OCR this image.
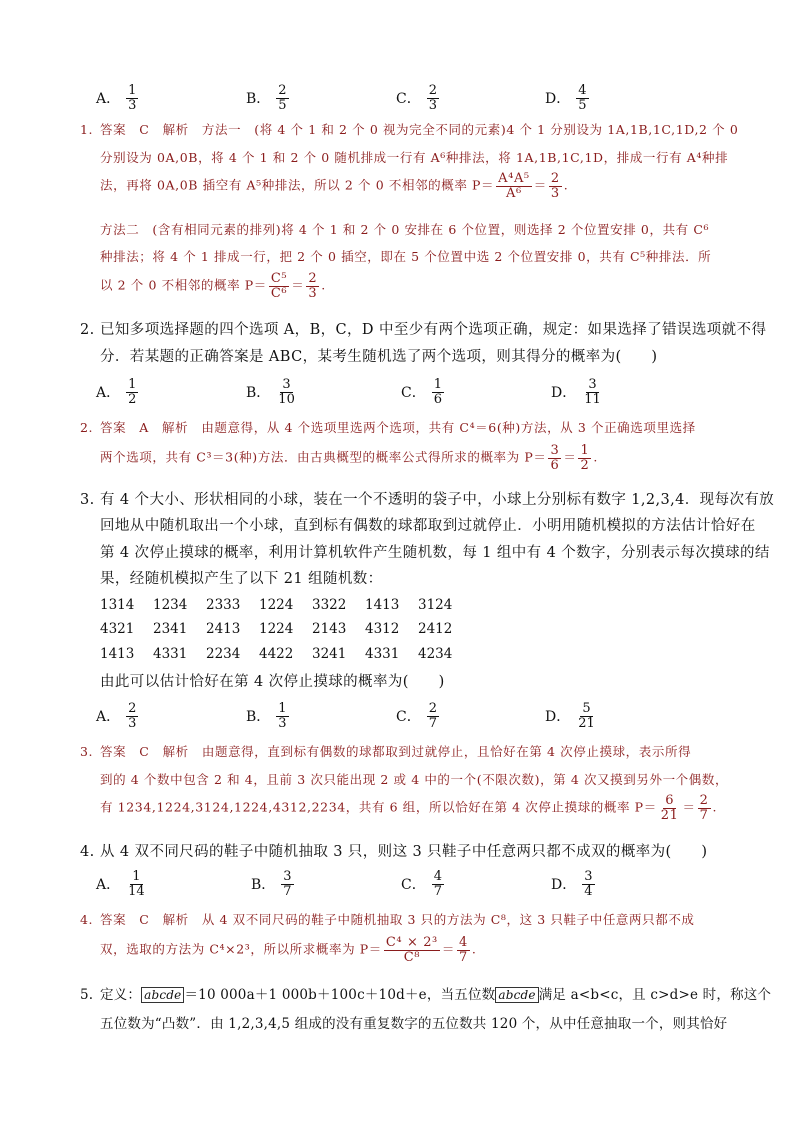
A． $\frac{1}{3}$	B． $\frac{2}{5}$	C． $\frac{2}{3}$	D． $\frac{4}{5}$
1. 答案　C　解析　方法一　(将 4 个 1 和 2 个 0 视为完全不同的元素)4 个 1 分别设为 1A,1B,1C,1D,2 个 0
分别设为 0A,0B，将 4 个 1 和 2 个 0 随机排成一行有 A⁶种排法，将 1A,1B,1C,1D，排成一行有 A⁴种排
法，再将 0A,0B 插空有 A⁵种排法，所以 2 个 0 不相邻的概率 $P= \frac{\text{A⁴A⁵}}{\text{A⁶}} = \frac{2}{3}$ .
方法二　(含有相同元素的排列)将 4 个 1 和 2 个 0 安排在 6 个位置，则选择 2 个位置安排 0，共有 C⁶
种排法；将 4 个 1 排成一行，把 2 个 0 插空，即在 5 个位置中选 2 个位置安排 0，共有 C⁵种排法．所
以 2 个 0 不相邻的概率 $P= \frac{\text{C⁵}}{\text{C⁶}} = \frac{2}{3}$ .
2. 已知多项选择题的四个选项 A，B，C，D 中至少有两个选项正确，规定：如果选择了错误选项就不得
分．若某题的正确答案是 ABC，某考生随机选了两个选项，则其得分的概率为(　　)
A． $\frac{1}{2}$	B． $\frac{3}{10}$	C． $\frac{1}{6}$	D． $\frac{3}{11}$
2. 答案　A　解析　由题意得，从 4 个选项里选两个选项，共有 C⁴＝6(种)方法，从 3 个正确选项里选择
两个选项，共有 C³＝3(种)方法．由古典概型的概率公式得所求的概率为 $P= \frac{3}{6} = \frac{1}{2}$ .
3. 有 4 个大小、形状相同的小球，装在一个不透明的袋子中，小球上分别标有数字 1,2,3,4．现每次有放
回地从中随机取出一个小球，直到标有偶数的球都取到过就停止．小明用随机模拟的方法估计恰好在
第 4 次停止摸球的概率，利用计算机软件产生随机数，每 1 组中有 4 个数字，分别表示每次摸球的结
果，经随机模拟产生了以下 21 组随机数：
1314 1234 2333 1224 3322 1413 3124
4321 2341 2413 1224 2143 4312 2412
1413 4331 2234 4422 3241 4331 4234
由此可以估计恰好在第 4 次停止摸球的概率为(　　)
A． $\frac{2}{3}$	B． $\frac{1}{3}$	C． $\frac{2}{7}$	D． $\frac{5}{21}$
3. 答案　C　解析　由题意得，直到标有偶数的球都取到过就停止，且恰好在第 4 次停止摸球，表示所得
到的 4 个数中包含 2 和 4，且前 3 次只能出现 2 或 4 中的一个(不限次数)，第 4 次又摸到另外一个偶数，
有 1234,1224,3124,1224,4312,2234，共有 6 组，所以恰好在第 4 次停止摸球的概率 $P= \frac{6}{21} = \frac{2}{7}$ .
4. 从 4 双不同尺码的鞋子中随机抽取 3 只，则这 3 只鞋子中任意两只都不成双的概率为(　　)
A． $\frac{1}{14}$	B． $\frac{3}{7}$	C． $\frac{4}{7}$	D． $\frac{3}{4}$
4. 答案　C　解析　从 4 双不同尺码的鞋子中随机抽取 3 只的方法为 C⁸，这 3 只鞋子中任意两只都不成
双，选取的方法为 C⁴×2³，所以所求概率为 $P= \frac{\text{C⁴ × 2³}}{\text{C⁸}} = \frac{4}{7}$ .
5. 定义： abcde ＝10 000a＋1 000b＋100c＋10d＋e，当五位数 abcde 满足 a<b<c，且 c>d>e 时，称这个
五位数为“凸数”．由 1,2,3,4,5 组成的没有重复数字的五位数共 120 个，从中任意抽取一个，则其恰好
